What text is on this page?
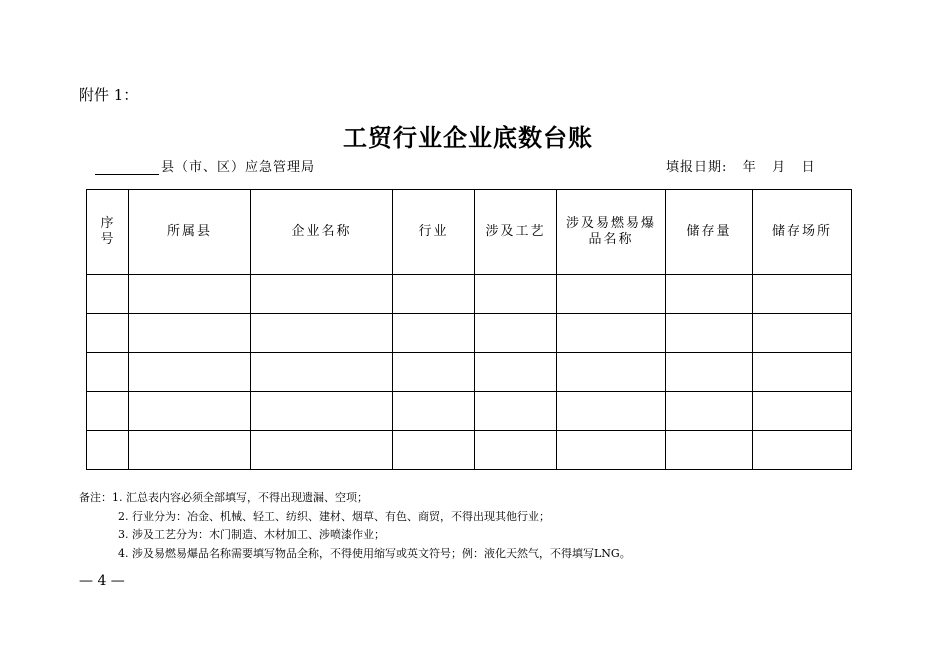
附件 1：
工贸行业企业底数台账
县（市、区）应急管理局	填报日期:   年   月   日
序号	所属县	企业名称	行业	涉及工艺	涉及易燃易爆品名称	储存量	储存场所

备注：1. 汇总表内容必须全部填写，不得出现遗漏、空项；
2. 行业分为：冶金、机械、轻工、纺织、建材、烟草、有色、商贸，不得出现其他行业；
3. 涉及工艺分为：木门制造、木材加工、涉喷漆作业；
4. 涉及易燃易爆品名称需要填写物品全称，不得使用缩写或英文符号；例：液化天然气，不得填写LNG。
— 4 —
